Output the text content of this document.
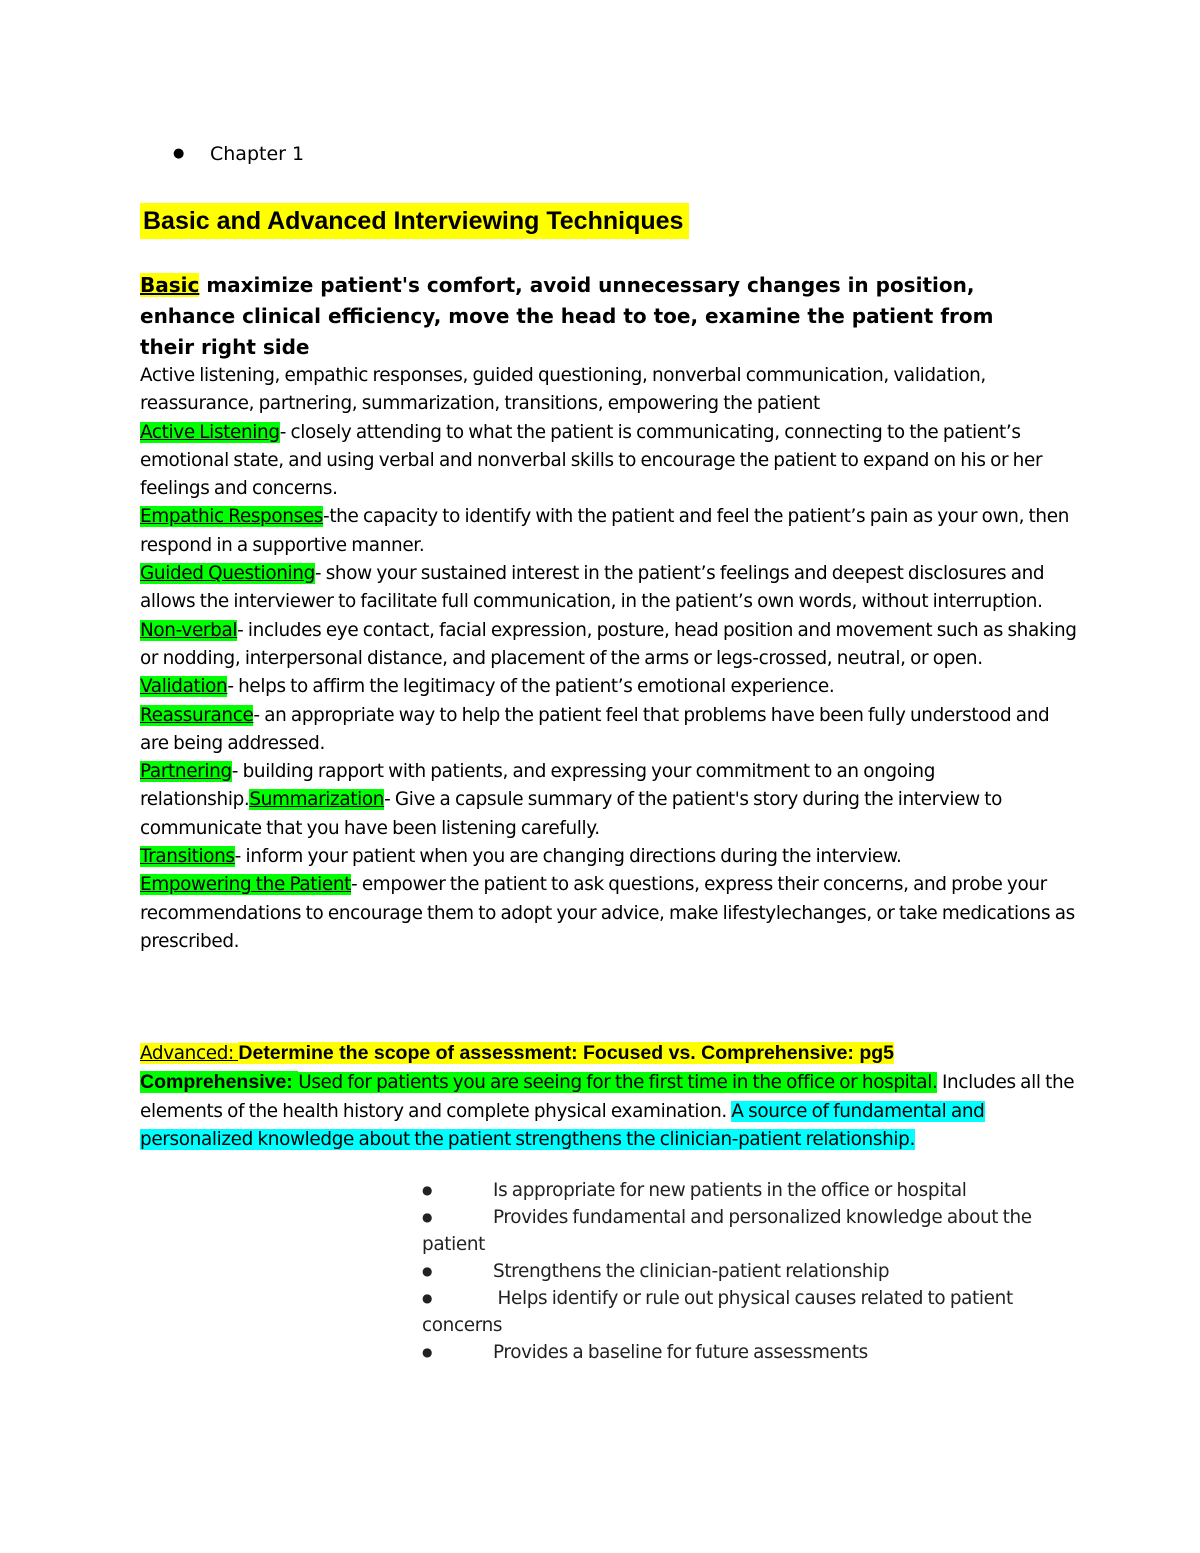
● Chapter 1
Basic and Advanced Interviewing Techniques
Basic maximize patient's comfort, avoid unnecessary changes in position, enhance clinical efficiency, move the head to toe, examine the patient from their right side

Active listening, empathic responses, guided questioning, nonverbal communication, validation, reassurance, partnering, summarization, transitions, empowering the patient

Active Listening- closely attending to what the patient is communicating, connecting to the patient’s emotional state, and using verbal and nonverbal skills to encourage the patient to expand on his or her feelings and concerns.

Empathic Responses-the capacity to identify with the patient and feel the patient’s pain as your own, then respond in a supportive manner.

Guided Questioning- show your sustained interest in the patient’s feelings and deepest disclosures and allows the interviewer to facilitate full communication, in the patient’s own words, without interruption.

Non-verbal- includes eye contact, facial expression, posture, head position and movement such as shaking or nodding, interpersonal distance, and placement of the arms or legs-crossed, neutral, or open.

Validation- helps to affirm the legitimacy of the patient’s emotional experience.

Reassurance- an appropriate way to help the patient feel that problems have been fully understood and are being addressed.

Partnering- building rapport with patients, and expressing your commitment to an ongoing relationship.Summarization- Give a capsule summary of the patient's story during the interview to communicate that you have been listening carefully.

Transitions- inform your patient when you are changing directions during the interview.

Empowering the Patient- empower the patient to ask questions, express their concerns, and probe your recommendations to encourage them to adopt your advice, make lifestylechanges, or take medications as prescribed.

Advanced: Determine the scope of assessment: Focused vs. Comprehensive: pg5

Comprehensive: Used for patients you are seeing for the first time in the office or hospital. Includes all the elements of the health history and complete physical examination. A source of fundamental and personalized knowledge about the patient strengthens the clinician-patient relationship.

●	Is appropriate for new patients in the office or hospital

●	Provides fundamental and personalized knowledge about the patient

●	Strengthens the clinician-patient relationship

●	Helps identify or rule out physical causes related to patient concerns

●	Provides a baseline for future assessments
